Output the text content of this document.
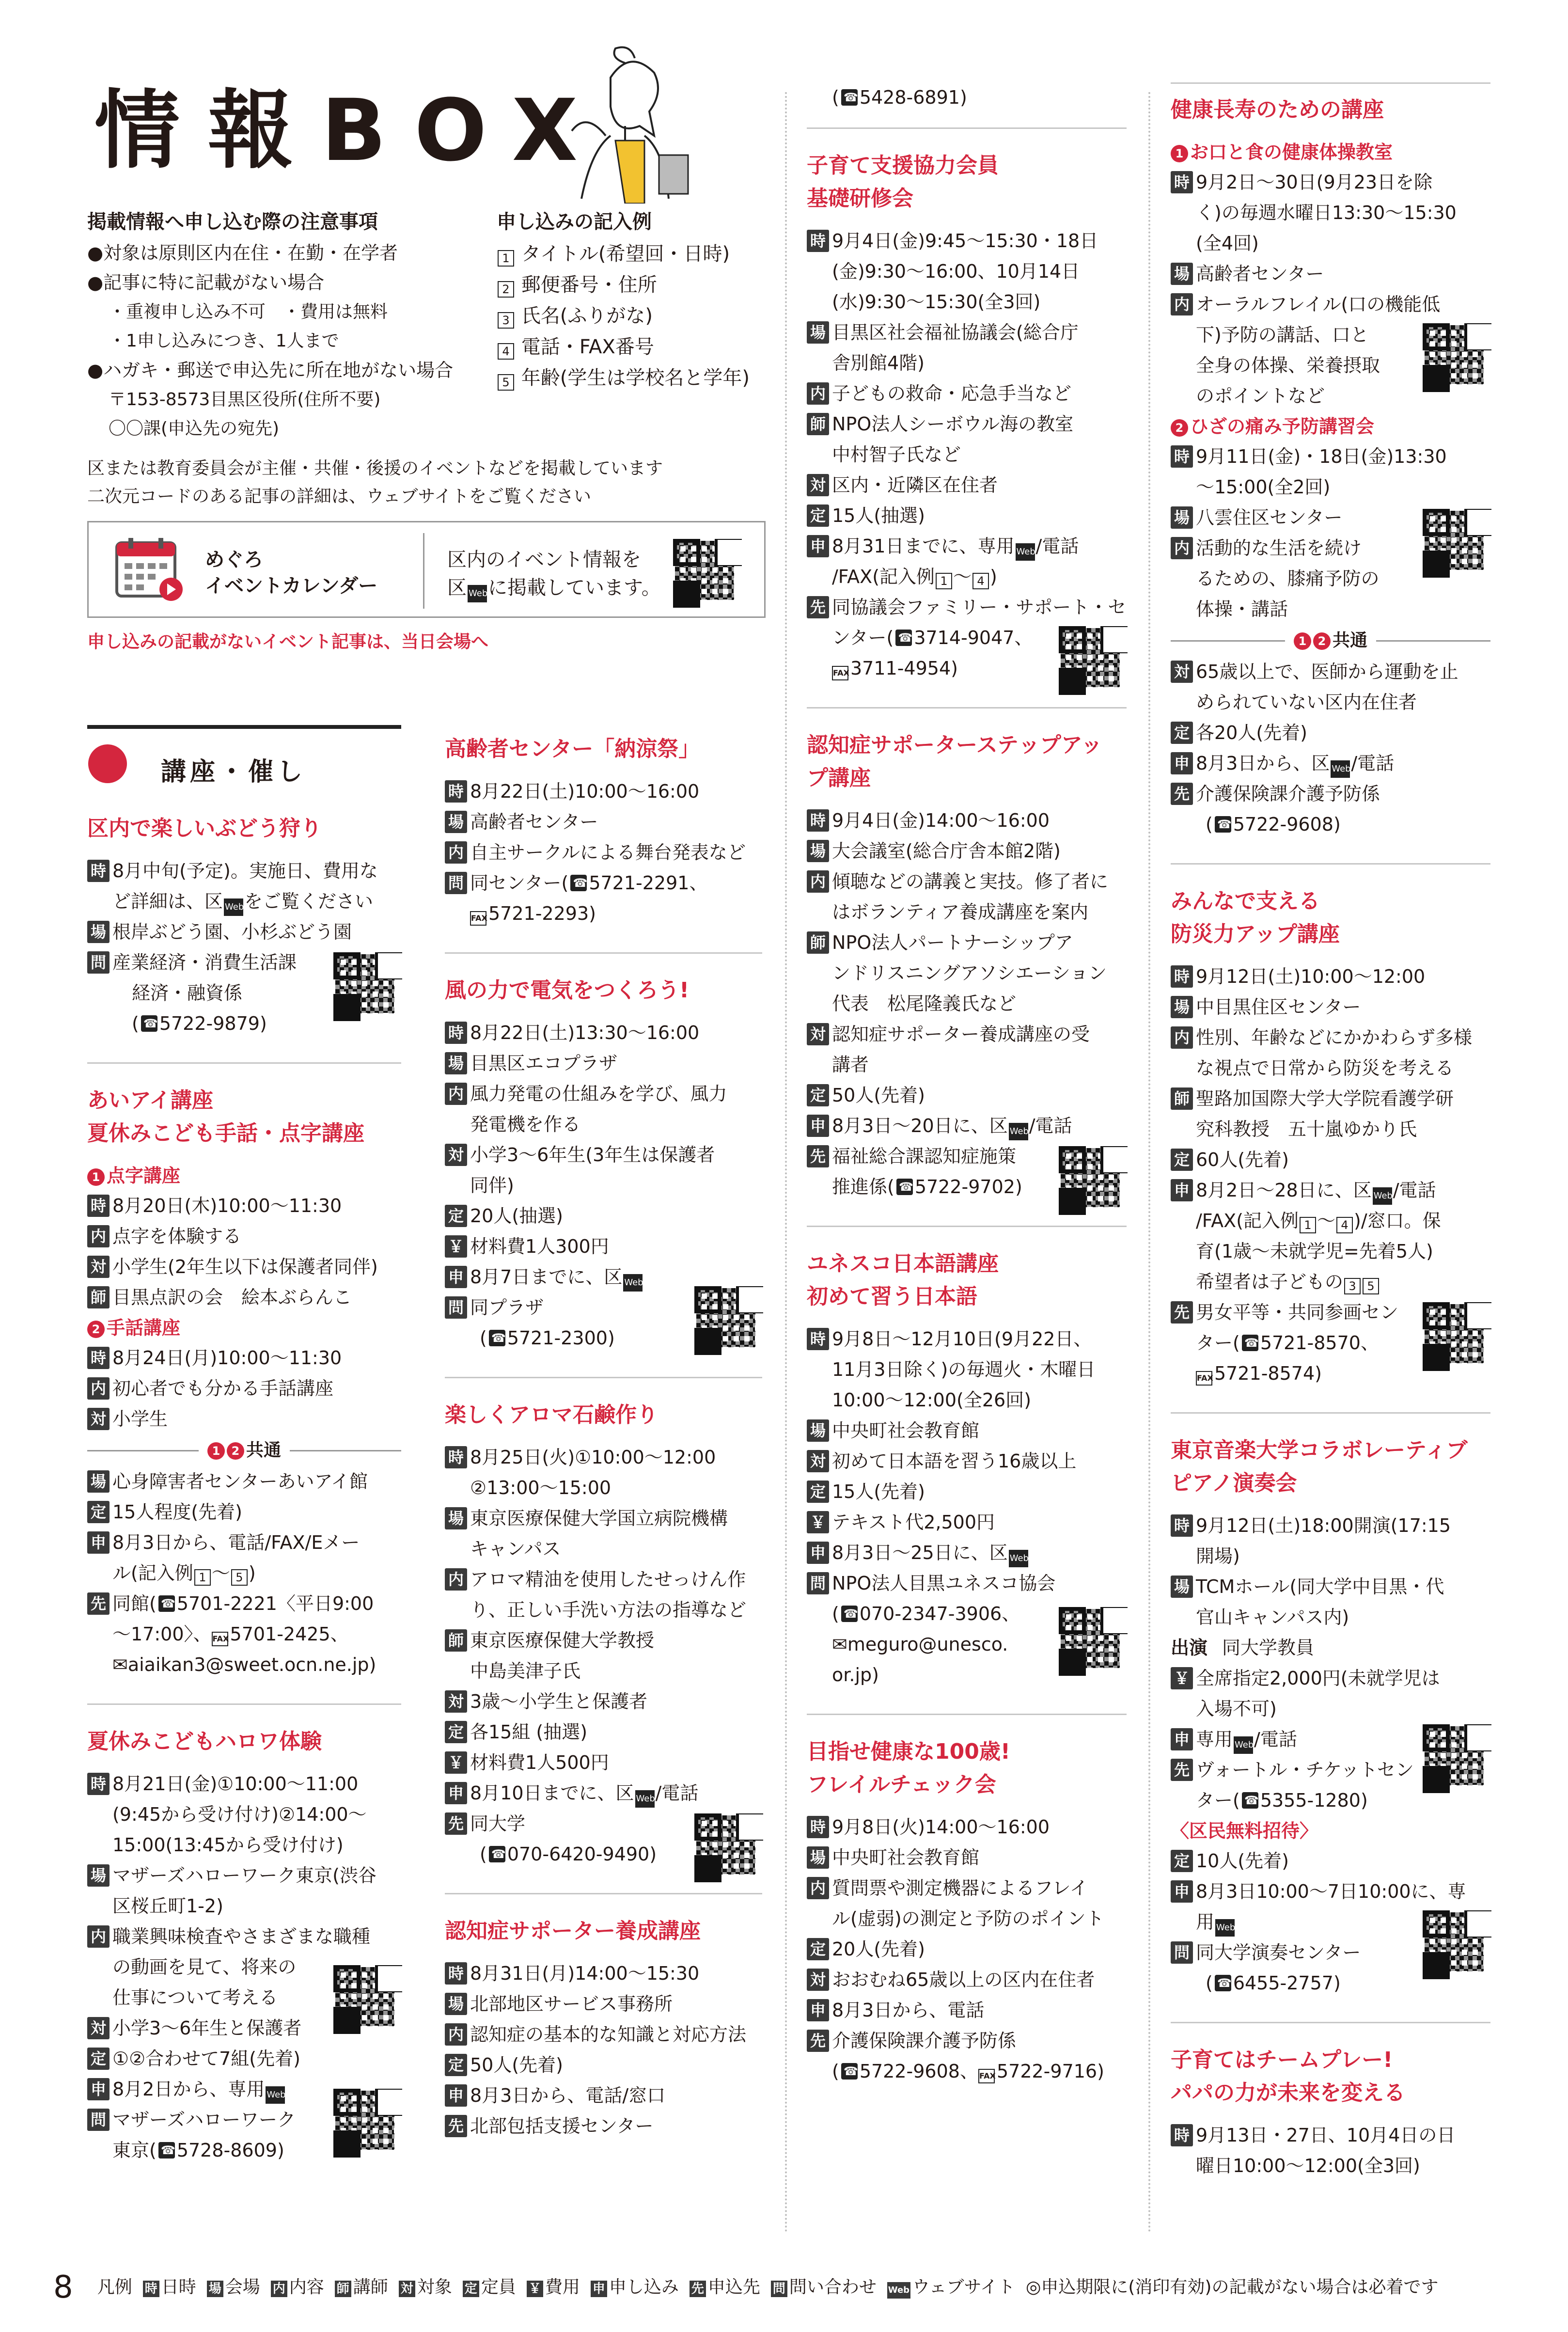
情報BOX
掲載情報へ申し込む際の注意事項
●対象は原則区内在住・在勤・在学者
●記事に特に記載がない場合
・重複申し込み不可　・費用は無料
・1申し込みにつき、1人まで
●ハガキ・郵送で申込先に所在地がない場合
〒153-8573目黒区役所(住所不要)
〇〇課(申込先の宛先)
申し込みの記入例
1 タイトル(希望回・日時)
2 郵便番号・住所
3 氏名(ふりがな)
4 電話・FAX番号
5 年齢(学生は学校名と学年)
区または教育委員会が主催・共催・後援のイベントなどを掲載しています
二次元コードのある記事の詳細は、ウェブサイトをご覧ください
めぐろ
イベントカレンダー
区内のイベント情報を
区 Webに掲載しています。
申し込みの記載がないイベント記事は、当日会場へ
講座・催し
区内で楽しいぶどう狩り
時 8月中旬(予定)。実施日、費用な
ど詳細は、区 Webをご覧ください
場 根岸ぶどう園、小杉ぶどう園
問 産業経済・消費生活課
経済・融資係
( ☎ 5722-9879)
あいアイ講座
夏休みこども手話・点字講座
1 点字講座
時 8月20日(木)10:00～11:30
内 点字を体験する
対 小学生(2年生以下は保護者同伴)
師 目黒点訳の会　絵本ぶらんこ
2 手話講座
時 8月24日(月)10:00～11:30
内 初心者でも分かる手話講座
対 小学生
1 2 共通
場 心身障害者センターあいアイ館
定 15人程度(先着)
申 8月3日から、電話/FAX/Eメー
ル(記入例 1 ～ 5 )
先 同館( ☎ 5701-2221〈平日9:00
～17:00〉、 FAX5701-2425、
✉aiaikan3@sweet.ocn.ne.jp)
夏休みこどもハロワ体験
時 8月21日(金)①10:00～11:00
(9:45から受け付け)②14:00～
15:00(13:45から受け付け)
場 マザーズハローワーク東京(渋谷
区桜丘町1-2)
内 職業興味検査やさまざまな職種
の動画を見て、将来の
仕事について考える
対 小学3～6年生と保護者
定 ①②合わせて7組(先着)
申 8月2日から、専用 Web
問 マザーズハローワーク
東京( ☎ 5728-8609)
高齢者センター「納涼祭」
時 8月22日(土)10:00～16:00
場 高齢者センター
内 自主サークルによる舞台発表など
問 同センター( ☎ 5721-2291、
FAX5721-2293)
風の力で電気をつくろう!
時 8月22日(土)13:30～16:00
場 目黒区エコプラザ
内 風力発電の仕組みを学び、風力
発電機を作る
対 小学3～6年生(3年生は保護者
同伴)
定 20人(抽選)
￥ 材料費1人300円
申 8月7日までに、区 Web
問 同プラザ
( ☎ 5721-2300)
楽しくアロマ石鹸作り
時 8月25日(火)①10:00～12:00
②13:00～15:00
場 東京医療保健大学国立病院機構
キャンパス
内 アロマ精油を使用したせっけん作
り、正しい手洗い方法の指導など
師 東京医療保健大学教授
中島美津子氏
対 3歳～小学生と保護者
定 各15組 (抽選)
￥ 材料費1人500円
申 8月10日までに、区 Web/電話
先 同大学
( ☎ 070-6420-9490)
認知症サポーター養成講座
時 8月31日(月)14:00～15:30
場 北部地区サービス事務所
内 認知症の基本的な知識と対応方法
定 50人(先着)
申 8月3日から、電話/窓口
先 北部包括支援センター
( ☎ 5428-6891)
子育て支援協力会員
基礎研修会
時 9月4日(金)9:45～15:30・18日
(金)9:30～16:00、10月14日
(水)9:30～15:30(全3回)
場 目黒区社会福祉協議会(総合庁
舎別館4階)
内 子どもの救命・応急手当など
師 NPO法人シーボウル海の教室
中村智子氏など
対 区内・近隣区在住者
定 15人(抽選)
申 8月31日までに、専用 Web/電話
/FAX(記入例 1 ～ 4 )
先 同協議会ファミリー・サポート・セ
ンター( ☎ 3714-9047、
FAX3711-4954)
認知症サポーターステップアッ
プ講座
時 9月4日(金)14:00～16:00
場 大会議室(総合庁舎本館2階)
内 傾聴などの講義と実技。修了者に
はボランティア養成講座を案内
師 NPO法人パートナーシップア
ンドリスニングアソシエーション
代表　松尾隆義氏など
対 認知症サポーター養成講座の受
講者
定 50人(先着)
申 8月3日～20日に、区 Web/電話
先 福祉総合課認知症施策
推進係( ☎ 5722-9702)
ユネスコ日本語講座
初めて習う日本語
時 9月8日～12月10日(9月22日、
11月3日除く)の毎週火・木曜日
10:00～12:00(全26回)
場 中央町社会教育館
対 初めて日本語を習う16歳以上
定 15人(先着)
￥ テキスト代2,500円
申 8月3日～25日に、区 Web
問 NPO法人目黒ユネスコ協会
( ☎ 070-2347-3906、
✉meguro@unesco.
or.jp)
目指せ健康な100歳!
フレイルチェック会
時 9月8日(火)14:00～16:00
場 中央町社会教育館
内 質問票や測定機器によるフレイ
ル(虚弱)の測定と予防のポイント
定 20人(先着)
対 おおむね65歳以上の区内在住者
申 8月3日から、電話
先 介護保険課介護予防係
( ☎ 5722-9608、 FAX5722-9716)
健康長寿のための講座
1 お口と食の健康体操教室
時 9月2日～30日(9月23日を除
く)の毎週水曜日13:30～15:30
(全4回)
場 高齢者センター
内 オーラルフレイル(口の機能低
下)予防の講話、口と
全身の体操、栄養摂取
のポイントなど
2 ひざの痛み予防講習会
時 9月11日(金)・18日(金)13:30
～15:00(全2回)
場 八雲住区センター
内 活動的な生活を続け
るための、膝痛予防の
体操・講話
1 2 共通
対 65歳以上で、医師から運動を止
められていない区内在住者
定 各20人(先着)
申 8月3日から、区 Web/電話
先 介護保険課介護予防係
( ☎ 5722-9608)
みんなで支える
防災力アップ講座
時 9月12日(土)10:00～12:00
場 中目黒住区センター
内 性別、年齢などにかかわらず多様
な視点で日常から防災を考える
師 聖路加国際大学大学院看護学研
究科教授　五十嵐ゆかり氏
定 60人(先着)
申 8月2日～28日に、区 Web/電話
/FAX(記入例 1 ～ 4 )/窓口。保
育(1歳～未就学児=先着5人)
希望者は子どもの 3 5
先 男女平等・共同参画セン
ター( ☎ 5721-8570、
FAX5721-8574)
東京音楽大学コラボレーティブ
ピアノ演奏会
時 9月12日(土)18:00開演(17:15
開場)
場 TCMホール(同大学中目黒・代
官山キャンパス内)
出演 同大学教員
￥ 全席指定2,000円(未就学児は
入場不可)
申 専用 Web/電話
先 ヴォートル・チケットセン
ター( ☎ 5355-1280)
〈区民無料招待〉
定 10人(先着)
申 8月3日10:00～7日10:00に、専
用 Web
問 同大学演奏センター
( ☎ 6455-2757)
子育てはチームプレー!
パパの力が未来を変える
時 9月13日・27日、10月4日の日
曜日10:00～12:00(全3回)
8 凡例 時 日時 場 会場 内 内容 師 講師 対 対象 定 定員 ￥ 費用 申 申し込み 先 申込先 問 問い合わせ Web ウェブサイト ◎申込期限に(消印有効)の記載がない場合は必着です
